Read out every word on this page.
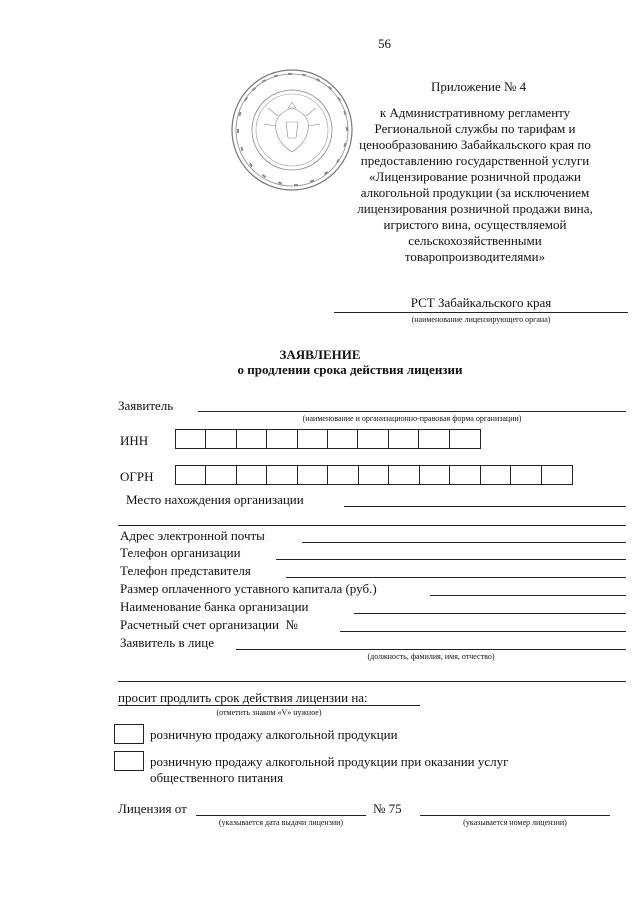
56
Приложение № 4
к Административному регламенту
Региональной службы по тарифам и
ценообразованию Забайкальского края по
предоставлению государственной услуги
«Лицензирование розничной продажи
алкогольной продукции (за исключением
лицензирования розничной продажи вина,
игристого вина, осуществляемой
сельскохозяйственными
товаропроизводителями»
РСТ Забайкальского края
(наименование лицензирующего органа)
ЗАЯВЛЕНИЕ
о продлении срока действия лицензии
Заявитель
(наименование и организационно-правовая форма организации)
ИНН
ОГРН
Место нахождения организации
Адрес электронной почты
Телефон организации
Телефон представителя
Размер оплаченного уставного капитала (руб.)
Наименование банка организации
Расчетный счет организации  №
Заявитель в лице
(должность, фамилия, имя, отчество)
просит продлить срок действия лицензии на:
(отметить знаком «V» нужное)
розничную продажу алкогольной продукции
розничную продажу алкогольной продукции при оказании услуг
общественного питания
Лицензия от
(указывается дата выдачи лицензии)
№ 75
(указывается номер лицензии)
